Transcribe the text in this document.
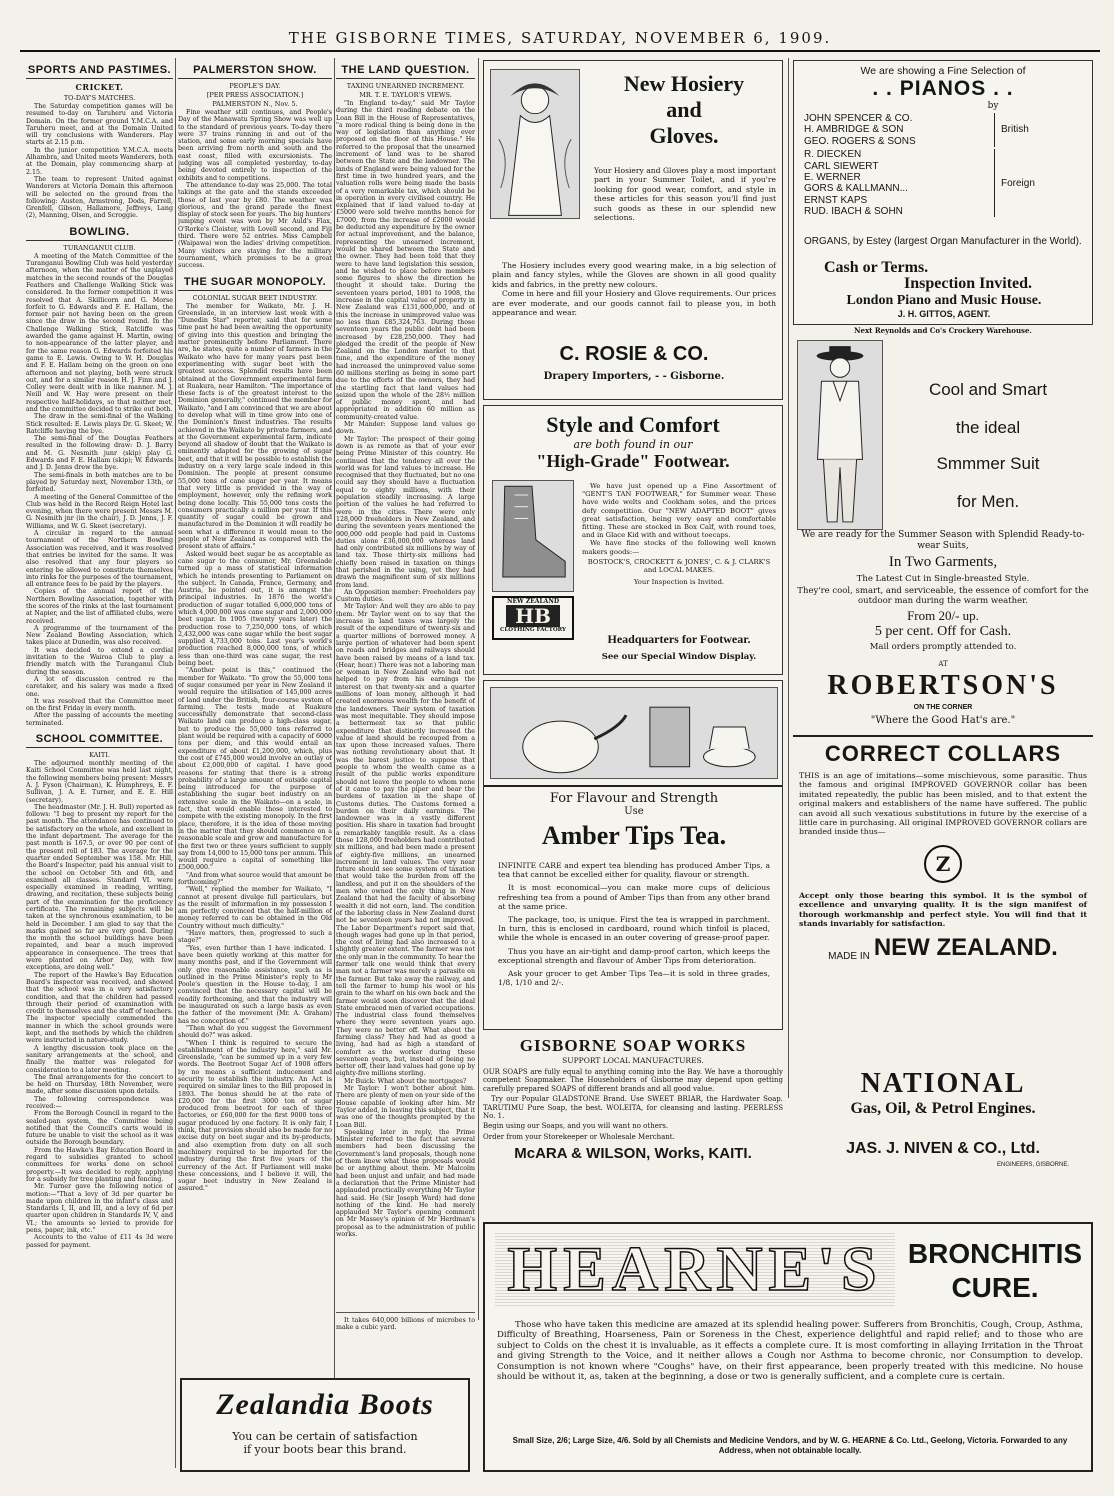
THE GISBORNE TIMES, SATURDAY, NOVEMBER 6, 1909.
SPORTS AND PASTIMES.
CRICKET.
TO-DAY'S MATCHES.

The Saturday competition games will be resumed to-day on Taruheru and Victoria Domain. On the former ground Y.M.C.A. and Taruheru meet, and at the Domain United will try conclusions with Wanderers. Play starts at 2.15 p.m.

In the junior competition Y.M.C.A. meets Alhambra, and United meets Wanderers, both at the Domain, play commencing sharp at 2.15.

The team to represent United against Wanderers at Victoria Domain this afternoon will be selected on the ground from the following: Austen, Armstrong, Dods, Farrell, Grenfell, Gibson, Hallamore, Jeffreys, Lang (2), Manning, Olsen, and Scroggie.

BOWLING.
TURANGANUI CLUB.

A meeting of the Match Committee of the Turanganui Bowling Club was held yesterday afternoon, when the matter of the unplayed matches in the second rounds of the Douglas Feathers and Challenge Walking Stick was considered. In the former competition it was resolved that A. Skillicorn and G. Morse forfeit to G. Edwards and F. E. Hallam, the former pair not having been on the green since the draw in the second round. In the Challenge Walking Stick, Ratcliffe was awarded the game against H. Martin, owing to non-appearance of the latter player, and for the same reason G. Edwards forfeited his game to E. Lewis. Owing to W. H. Douglas and F. E. Hallam being on the green on one afternoon and not playing, both were struck out, and for a similar reason H. J. Finn and J. Colley were dealt with in like manner. M. J. Neill and W. Hay were present on their respective half-holidays, so that neither met, and the committee decided to strike out both.

The draw in the semi-final of the Walking Stick resulted: E. Lewis plays Dr. G. Skeet; W. Ratcliffe having the bye.

The semi-final of the Douglas Feathers resulted in the following draw: D. J. Barry and M. G. Nesmith junr (skip) play G. Edwards and F. E. Hallam (skip); W. Edwards and J. D. Jenns drew the bye.

The semi-finals in both matches are to be played by Saturday next, November 13th, or forfeited.

A meeting of the General Committee of the Club was held in the Record Reign Hotel last evening, when there were present Messrs M. G. Nesmith jnr (in the chair), J. D. Jenns, J. F. Williams, and W. G. Skeet (secretary).

A circular in regard to the annual tournament of the Northern Bowling Association was received, and it was resolved that entries be invited for the same. It was also resolved that any four players so entering be allowed to constitute themselves into rinks for the purposes of the tournament, all entrance fees to be paid by the players.

Copies of the annual report of the Northern Bowling Association, together with the scores of the rinks at the last tournament at Napier, and the list of affiliated clubs, were received.

A programme of the tournament of the New Zealand Bowling Association, which takes place at Dunedin, was also received.

It was decided to extend a cordial invitation to the Wairoa Club to play a friendly match with the Turanganui Club during the season.

A lot of discussion centred re the caretaker, and his salary was made a fixed one.

It was resolved that the Committee meet on the first Friday in every month.

After the passing of accounts the meeting terminated.

SCHOOL COMMITTEE.
KAITI.

The adjourned monthly meeting of the Kaiti School Committee was held last night, the following members being present: Messrs A. J. Fyson (Chairman), K. Humphreys, E. F. Sullivan, J. A. E. Turner, and E. E. Hill (secretary).

The headmaster (Mr. J. H. Bull) reported as follows: "I beg to present my report for the past month. The attendance has continued to be satisfactory on the whole, and excellent in the infant department. The average for the past month is 167.5, or over 90 per cent of the present roll of 183. The average for the quarter ended September was 158. Mr. Hill, the Board's Inspector, paid his annual visit to the school on October 5th and 6th, and examined all classes. Standard VI. were especially examined in reading, writing, drawing, and recitation, these subjects being part of the examination for the proficiency certificate. The remaining subjects will be taken at the synchronous examination, to be held in December. I am glad to say that the marks gained so far are very good. During the month the school buildings have been repainted, and bear a much improved appearance in consequence. The trees that were planted on Arbor Day, with few exceptions, are doing well."

The report of the Hawke's Bay Education Board's inspector was received, and showed that the school was in a very satisfactory condition, and that the children had passed through their period of examination with credit to themselves and the staff of teachers. The inspector specially commended the manner in which the school grounds were kept, and the methods by which the children were instructed in nature-study.

A lengthy discussion took place on the sanitary arrangements at the school, and finally the matter was relegated for consideration to a later meeting.

The final arrangements for the concert to be held on Thursday, 18th November, were made, after some discussion upon details.

The following correspondence was received:—

From the Borough Council in regard to the sealed-pan system, the Committee being notified that the Council's carts would in future be unable to visit the school as it was outside the Borough boundary.

From the Hawke's Bay Education Board in regard to subsidies granted to school committees for works done on school property.—It was decided to reply, applying for a subsidy for tree planting and fencing.

Mr. Turner gave the following notice of motion:—"That a levy of 3d per quarter be made upon children in the infant's class and Standards I, II, and III, and a levy of 6d per quarter upon children in Standards IV, V, and VI.; the amounts so levied to provide for pens, paper, ink, etc."

Accounts to the value of £11 4s 3d were passed for payment.

PALMERSTON SHOW.
PEOPLE'S DAY.
[PER PRESS ASSOCIATION.]
PALMERSTON N., Nov. 5.

Fine weather still continues, and People's Day of the Manawatu Spring Show was well up to the standard of previous years. To-day there were 37 trains running in and out of the station, and some early morning specials have been arriving from north and south and the east coast, filled with excursionists. The judging was all completed yesterday, to-day being devoted entirely to inspection of the exhibits and to competitions.

The attendance to-day was 25,000. The total takings at the gate and the stands exceeded those of last year by £80. The weather was glorious, and the grand parade the finest display of stock seen for years. The big hunters' jumping event was won by Mr Auld's Flax, O'Rorke's Cloister, with Lovell second, and Fiji third. There were 52 entries. Miss Campbell (Waipawa) won the ladies' driving competition. Many visitors are staying for the military tournament, which promises to be a great success.

THE SUGAR MONOPOLY.
COLONIAL SUGAR BEET INDUSTRY.

The member for Waikato, Mr. J. H. Greenslade, in an interview last week with a "Dunedin Star" reporter, said that for some time past he had been awaiting the opportunity of giving into this question and bringing the matter prominently before Parliament. There are, he states, quite a number of farmers in the Waikato who have for many years past been experimenting with sugar beet with the greatest success. Splendid results have been obtained at the Government experimental farm at Ruakura, near Hamilton. "The importance of these facts is of the greatest interest to the Dominion generally," continued the member for Waikato, "and I am convinced that we are about to develop what will in time grow into one of the Dominion's finest industries. The results achieved in the Waikato by private farmers, and at the Government experimental farm, indicate beyond all shadow of doubt that the Waikato is eminently adapted for the growing of sugar beet, and that it will be possible to establish the industry on a very large scale indeed in this Dominion. The people at present consume 55,000 tons of cane sugar per year. It means that very little is provided in the way of employment, however, only the refining work being done locally. This 55,000 tons costs the consumers practically a million per year. If this quantity of sugar could be grown and manufactured in the Dominion it will readily be seen what a difference it would mean to the people of New Zealand as compared with the present state of affairs."

Asked would beet sugar be as acceptable as cane sugar to the consumer, Mr. Greenslade turned up a mass of statistical information which he intends presenting to Parliament on the subject. In Canada, France, Germany, and Austria, he pointed out, it is amongst the principal industries. In 1876 the world's production of sugar totalled 6,000,000 tons of which 4,000,000 was cane sugar and 2,000,000 beet sugar. In 1905 (twenty years later) the production rose to 7,250,000 tons, of which 2,432,000 was cane sugar while the beet sugar supplied 4,733,000 tons. Last year's world's production reached 8,000,000 tons, of which less than one-third was cane sugar, the rest being beet.

"Another point is this," continued the member for Waikato. "To grow the 55,000 tons of sugar consumed per year in New Zealand it would require the utilisation of 145,000 acres of land under the British, four-course system of farming. The tests made at Ruakura successfully demonstrate that second-class Waikato land can produce a high-class sugar, but to produce the 55,000 tons referred to plant would be required with a capacity of 6000 tons per diem, and this would entail an expenditure of about £1,200,000, which, plus the cost of £745,000 would involve an outlay of about £2,000,000 of capital. I have good reasons for stating that there is a strong probability of a large amount of outside capital being introduced for the purpose of establishing the sugar beet industry on an extensive scale in the Waikato—on a scale, in fact, that would enable those interested to compete with the existing monopoly. In the first place, therefore, it is the idea of those moving in the matter that they should commence on a reasonable scale and grow and manufacture for the first two or three years sufficient to supply say from 14,000 to 15,000 tons per annum. This would require a capital of something like £500,000."

"And from what source would that amount be forthcoming?"

"Well," replied the member for Waikato, "I cannot at present divulge full particulars, but as the result of information in my possession I am perfectly convinced that the half-million of money referred to can be obtained in the Old Country without much difficulty."

"Have matters, then, progressed to such a stage?"

"Yes, even further than I have indicated. I have been quietly working at this matter for many months past, and if the Government will only give reasonable assistance, such as is outlined in the Prime Minister's reply to Mr Poole's question in the House to-day, I am convinced that the necessary capital will be readily forthcoming, and that the industry will be inaugurated on such a large basis as even the father of the movement (Mr. A. Graham) has no conception of."

"Then what do you suggest the Government should do?" was asked.

"When I think is required to secure the establishment of the industry here," said Mr. Greenslade, "can be summed up in a very few words. The Beetroot Sugar Act of 1908 offers by no means a sufficient inducement and security to establish the industry. An Act is required on similar lines to the Bill proposed in 1893. The bonus should be at the rate of £20,000 for the first 3000 ton of sugar produced from beetroot for each of three factories, or £60,000 for the first 9000 tons of sugar produced by one factory. It is only fair, I think, that provision should also be made for no excise duty on beet sugar and its by-products, and also exemption from duty on all such machinery required to be imported for the industry during the first five years of the currency of the Act. If Parliament will make these concessions, and I believe it will, the sugar beet industry in New Zealand is assured."

Zealandia Boots
You can be certain of satisfaction
if your boots bear this brand.
THE LAND QUESTION.
TAXING UNEARNED INCREMENT.
MR. T. E. TAYLOR'S VIEWS.

"In England to-day," said Mr Taylor during the third reading debate on the Loan Bill in the House of Representatives, "a more radical thing is being done in the way of legislation than anything ever proposed on the floor of this House." He referred to the proposal that the unearned increment of land was to be shared between the State and the landowner. The lands of England were being valued for the first time in two hundred years, and the valuation rolls were being made the basis of a very remarkable tax, which should be in operation in every civilised country. He explained that if land valued to-day at £5000 were sold twelve months hence for £7000, from the increase of £2000 would be deducted any expenditure by the owner for actual improvement, and the balance, representing the unearned increment, would be shared between the State and the owner. They had been told that they were to have land legislation this session, and he wished to place before members some figures to show the direction he thought it should take. During the seventeen years period, 1891 to 1908, the increase in the capital value of property in New Zealand was £131,600,000, and of this the increase in unimproved value was no less than £85,324,763. During those seventeen years the public debt had been increased by £28,250,000. They had pledged the credit of the people of New Zealand on the London market to that tune, and the expenditure of the money had increased the unimproved value some 60 millions sterling as being in some part due to the efforts of the owners, they had the startling fact that land values had seized upon the whole of the 28½ million of public money spent, and had appropriated in addition 60 million as community-created value.

Mr Mander: Suppose land values go down.

Mr Taylor: The prospect of their going down is as remote as that of your ever being Prime Minister of this country. He continued that the tendency all over the world was for land values to increase. He recognised that they fluctuated, but no one could say they should have a fluctuation equal to eighty millions, with their population steadily increasing. A large portion of the values he had referred to were in the cities. There were only 128,000 freeholders in New Zealand, and during the seventeen years mentioned the 900,000 odd people had paid in Customs duties alone £36,000,000 whereas land had only contributed six millions by way of land tax. Those thirty-six millions had chiefly been raised in taxation on things that perished in the using, yet they had drawn the magnificent sum of six millions from land.

An Opposition member: Freeholders pay Custom duties.

Mr Taylor: And well they are able to pay them. Mr Taylor went on to say that the increase in land taxes was largely the result of the expenditure of twenty-six and a quarter millions of borrowed money. A large portion of whatever had been spent on roads and bridges and railways should have been raised by means of a land tax. (Hear, hear.) There was not a laboring man or woman in New Zealand who had not helped to pay from his earnings the interest on that twenty-six and a quarter millions of loan money, although it had created enormous wealth for the benefit of the landowners. Their system of taxation was most inequitable. They should impose a betterment tax so that public expenditure that distinctly increased the value of land should be recouped from a tax upon those increased values. There was nothing revolutionary about that. It was the barest justice to suppose that people to whom the wealth came as a result of the public works expenditure should not leave the people to whom none of it came to pay the piper and bear the burdens of taxation in the shape of Customs duties. The Customs formed a burden on their daily earnings. The landowner was in a vastly different position. His share in taxation had brought a remarkably tangible result. As a class those 128,000 freeholders had contributed six millions, and had been made a present of eighty-five millions, an unearned increment in land values. The very near future should see some system of taxation that would take the burden from off the landless, and put it on the shoulders of the men who owned the only thing in New Zealand that had the faculty of absorbing wealth it did not earn, land. The condition of the laboring class in New Zealand durst not be seventeen years had not improved. The Labor Department's report said that, though wages had gone up in that period, the cost of living had also increased to a slightly greater extent. The farmer was not the only man in the community. To hear the farmer talk one would think that every man not a farmer was merely a parasite on the farmer. But take away the railway, and tell the farmer to hump his wool or his grain to the wharf on his own back and the farmer would soon discover that the ideal State embraced men of varied occupations. The industrial class found themselves where they were seventeen years ago. They were no better off. What about the farming class? They had had as good a living, had had as high a standard of comfort as the worker during these seventeen years, but, instead of being no better off, their land values had gone up by eighty-five millions sterling.

Mr Buick: What about the mortgages?

Mr Taylor: I won't bother about him. There are plenty of men on your side of the House capable of looking after him. Mr Taylor added, in leaving this subject, that it was one of the thoughts prompted by the Loan Bill.

Speaking later in reply, the Prime Minister referred to the fact that several members had been discussing the Government's land proposals, though none of them knew what those proposals would be or anything about them. Mr Malcolm had been unjust and unfair, and had made a declaration that the Prime Minister had applauded practically everything Mr Taylor had said. He (Sir Joseph Ward) had done nothing of the kind. He had merely applauded Mr Taylor's opening comment on Mr Massey's opinion of Mr Herdman's proposal as to the administration of public works.

It takes 640,000 billions of microbes to make a cubic yard.

New Hosiery
and
Gloves.
Your Hosiery and Gloves play a most important part in your Summer Toilet, and if you're looking for good wear, comfort, and style in these articles for this season you'll find just such goods as these in our splendid new selections.

The Hosiery includes every good wearing make, in a big selection of plain and fancy styles, while the Gloves are shown in all good quality kids and fabrics, in the pretty new colours.

Come in here and fill your Hosiery and Glove requirements. Our prices are ever moderate, and our goods cannot fail to please you, in both appearance and wear.

C. ROSIE & CO.
Drapery Importers, - - Gisborne.
Style and Comfort
are both found in our
"High-Grade" Footwear.
NEW ZEALAND
HB
CLOTHING FACTORY

We have just opened up a Fine Assortment of "GENT'S TAN FOOTWEAR," for Summer wear. These have wide welts and Cookham soles, and the prices defy competition. Our "NEW ADAPTED BOOT" gives great satisfaction, being very easy and comfortable fitting. These are stocked in Box Calf, with round toes, and in Glace Kid with and without toecaps.

We have fine stocks of the following well known makers goods:—

BOSTOCK'S, CROCKETT & JONES', C. & J. CLARK'S and LOCAL MAKES.

Your Inspection is Invited.

Headquarters for Footwear.
See our Special Window Display.
For Flavour and Strength
Use
Amber Tips Tea.

INFINITE CARE and expert tea blending has produced Amber Tips, a tea that cannot be excelled either for quality, flavour or strength.

It is most economical—you can make more cups of delicious refreshing tea from a pound of Amber Tips than from any other brand at the same price.

The package, too, is unique. First the tea is wrapped in parchment. In turn, this is enclosed in cardboard, round which tinfoil is placed, while the whole is encased in an outer covering of grease-proof paper.

Thus you have an air-tight and damp-proof carton, which keeps the exceptional strength and flavour of Amber Tips from deterioration.

Ask your grocer to get Amber Tips Tea—it is sold in three grades, 1/8, 1/10 and 2/-.

GISBORNE SOAP WORKS
SUPPORT LOCAL MANUFACTURES.

OUR SOAPS are fully equal to anything coming into the Bay. We have a thoroughly competent Soapmaker. The Householders of Gisborne may depend upon getting carefully prepared SOAPS of different brands and all good value.

Try our Popular GLADSTONE Brand. Use SWEET BRIAR, the Hardwater Soap. TARUTIMU Pure Soap, the best. WOLEITA, for cleansing and lasting. PEERLESS No. 1.

Begin using our Soaps, and you will want no others.

Order from your Storekeeper or Wholesale Merchant.

McARA & WILSON, Works, KAITI.
We are showing a Fine Selection of
. . PIANOS . .
by
JOHN SPENCER & CO.
H. AMBRIDGE & SON
GEO. ROGERS & SONS
British
R. DIECKEN
CARL SIEWERT
E. WERNER
GORS & KALLMANN...
ERNST KAPS
RUD. IBACH & SOHN
Foreign
ORGANS, by Estey (largest Organ Manufacturer in the World).
Cash or Terms.
Inspection Invited.
London Piano and Music House.
J. H. GITTOS, AGENT.
Next Reynolds and Co's Crockery Warehouse.
Cool and Smart
the ideal
Smmmer Suit
for Men.
We are ready for the Summer Season with Splendid Ready-to-wear Suits,
In Two Garments,
The Latest Cut in Single-breasted Style.
They're cool, smart, and serviceable, the essence of comfort for the outdoor man during the warm weather.
From 20/- up.
5 per cent. Off for Cash.
Mail orders promptly attended to.
AT
ROBERTSON'S
ON THE CORNER
"Where the Good Hat's are."
CORRECT COLLARS
THIS is an age of imitations—some mischievous, some parasitic. Thus the famous and original IMPROVED GOVERNOR collar has been imitated repeatedly, the public has been misled, and to that extent the original makers and establishers of the name have suffered. The public can avoid all such vexatious substitutions in future by the exercise of a little care in purchasing. All original IMPROVED GOVERNOR collars are branded inside thus—
Z
Accept only those bearing this symbol. It is the symbol of excellence and unvarying quality. It is the sign manifest of thorough workmanship and perfect style. You will find that it stands invariably for satisfaction.
MADE IN NEW ZEALAND.
NATIONAL
Gas, Oil, & Petrol Engines.
JAS. J. NIVEN & CO., Ltd.
ENGINEERS, GISBORNE.
HEARNE'S BRONCHITIS
CURE.
Those who have taken this medicine are amazed at its splendid healing power. Sufferers from Bronchitis, Cough, Croup, Asthma, Difficulty of Breathing, Hoarseness, Pain or Soreness in the Chest, experience delightful and rapid relief; and to those who are subject to Colds on the chest it is invaluable, as it effects a complete cure. It is most comforting in allaying Irritation in the Throat and giving Strength to the Voice, and it neither allows a Cough nor Asthma to become chronic, nor Consumption to develop. Consumption is not known where "Coughs" have, on their first appearance, been properly treated with this medicine. No house should be without it, as, taken at the beginning, a dose or two is generally sufficient, and a complete cure is certain.
Small Size, 2/6; Large Size, 4/6. Sold by all Chemists and Medicine Vendors, and by W. G. HEARNE & Co. Ltd., Geelong, Victoria. Forwarded to any Address, when not obtainable locally.
